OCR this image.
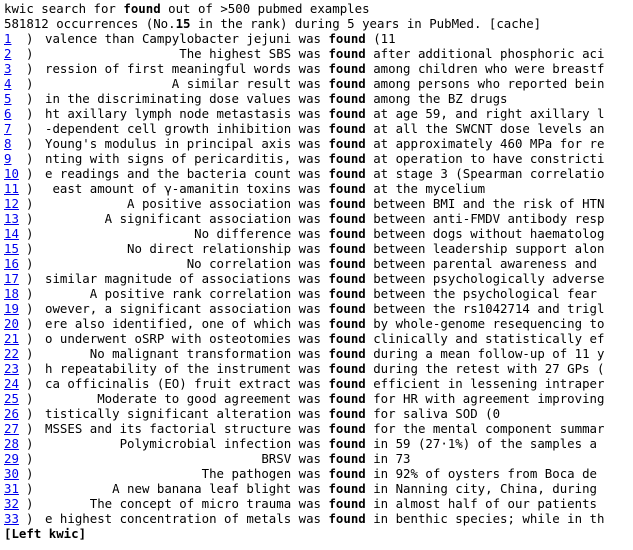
kwic search for found out of >500 pubmed examples
581812 occurrences (No.15 in the rank) during 5 years in PubMed. [cache]
1	) valence than Campylobacter jejuni was found (11
2	)	The highest SBS was found after additional phosphoric aci
3	) ression of first meaningful words was found among children who were breastf
4	)	A similar result was found among persons who reported bein
5	) in the discriminating dose values was found among the BZ drugs
6	) ht axillary lymph node metastasis was found at age 59, and right axillary l
7	) -dependent cell growth inhibition was found at all the SWCNT dose levels an
8	) Young's modulus in principal axis was found at approximately 460 MPa for re
9	) nting with signs of pericarditis, was found at operation to have constricti
10 ) e readings and the bacteria count was found at stage 3 (Spearman correlatio
11 )	east amount of γ-amanitin toxins was found at the mycelium
12 )	A positive association was found between BMI and the risk of HTN
13 )	A significant association was found between anti-FMDV antibody resp
14 )	No difference was found between dogs without haematolog
15 )	No direct relationship was found between leadership support alon
16 )	No correlation was found between parental awareness and
17 ) similar magnitude of associations was found between psychologically adverse
18 )	A positive rank correlation was found between the psychological fear
19 ) owever, a significant association was found between the rs1042714 and trigl
20 ) ere also identified, one of which was found by whole-genome resequencing to
21 ) o underwent oSRP with osteotomies was found clinically and statistically ef
22 )	No malignant transformation was found during a mean follow-up of 11 y
23 ) h repeatability of the instrument was found during the retest with 27 GPs (
24 ) ca officinalis (EO) fruit extract was found efficient in lessening intraper
25 )	Moderate to good agreement was found for HR with agreement improving
26 ) tistically significant alteration was found for saliva SOD (0
27 ) MSSES and its factorial structure was found for the mental component summar
28 )	Polymicrobial infection was found in 59 (27·1%) of the samples a
29 )	BRSV was found in 73
30 )	The pathogen was found in 92% of oysters from Boca de
31 )	A new banana leaf blight was found in Nanning city, China, during
32 )	The concept of micro trauma was found in almost half of our patients
33 ) e highest concentration of metals was found in benthic species; while in th
[Left kwic]
